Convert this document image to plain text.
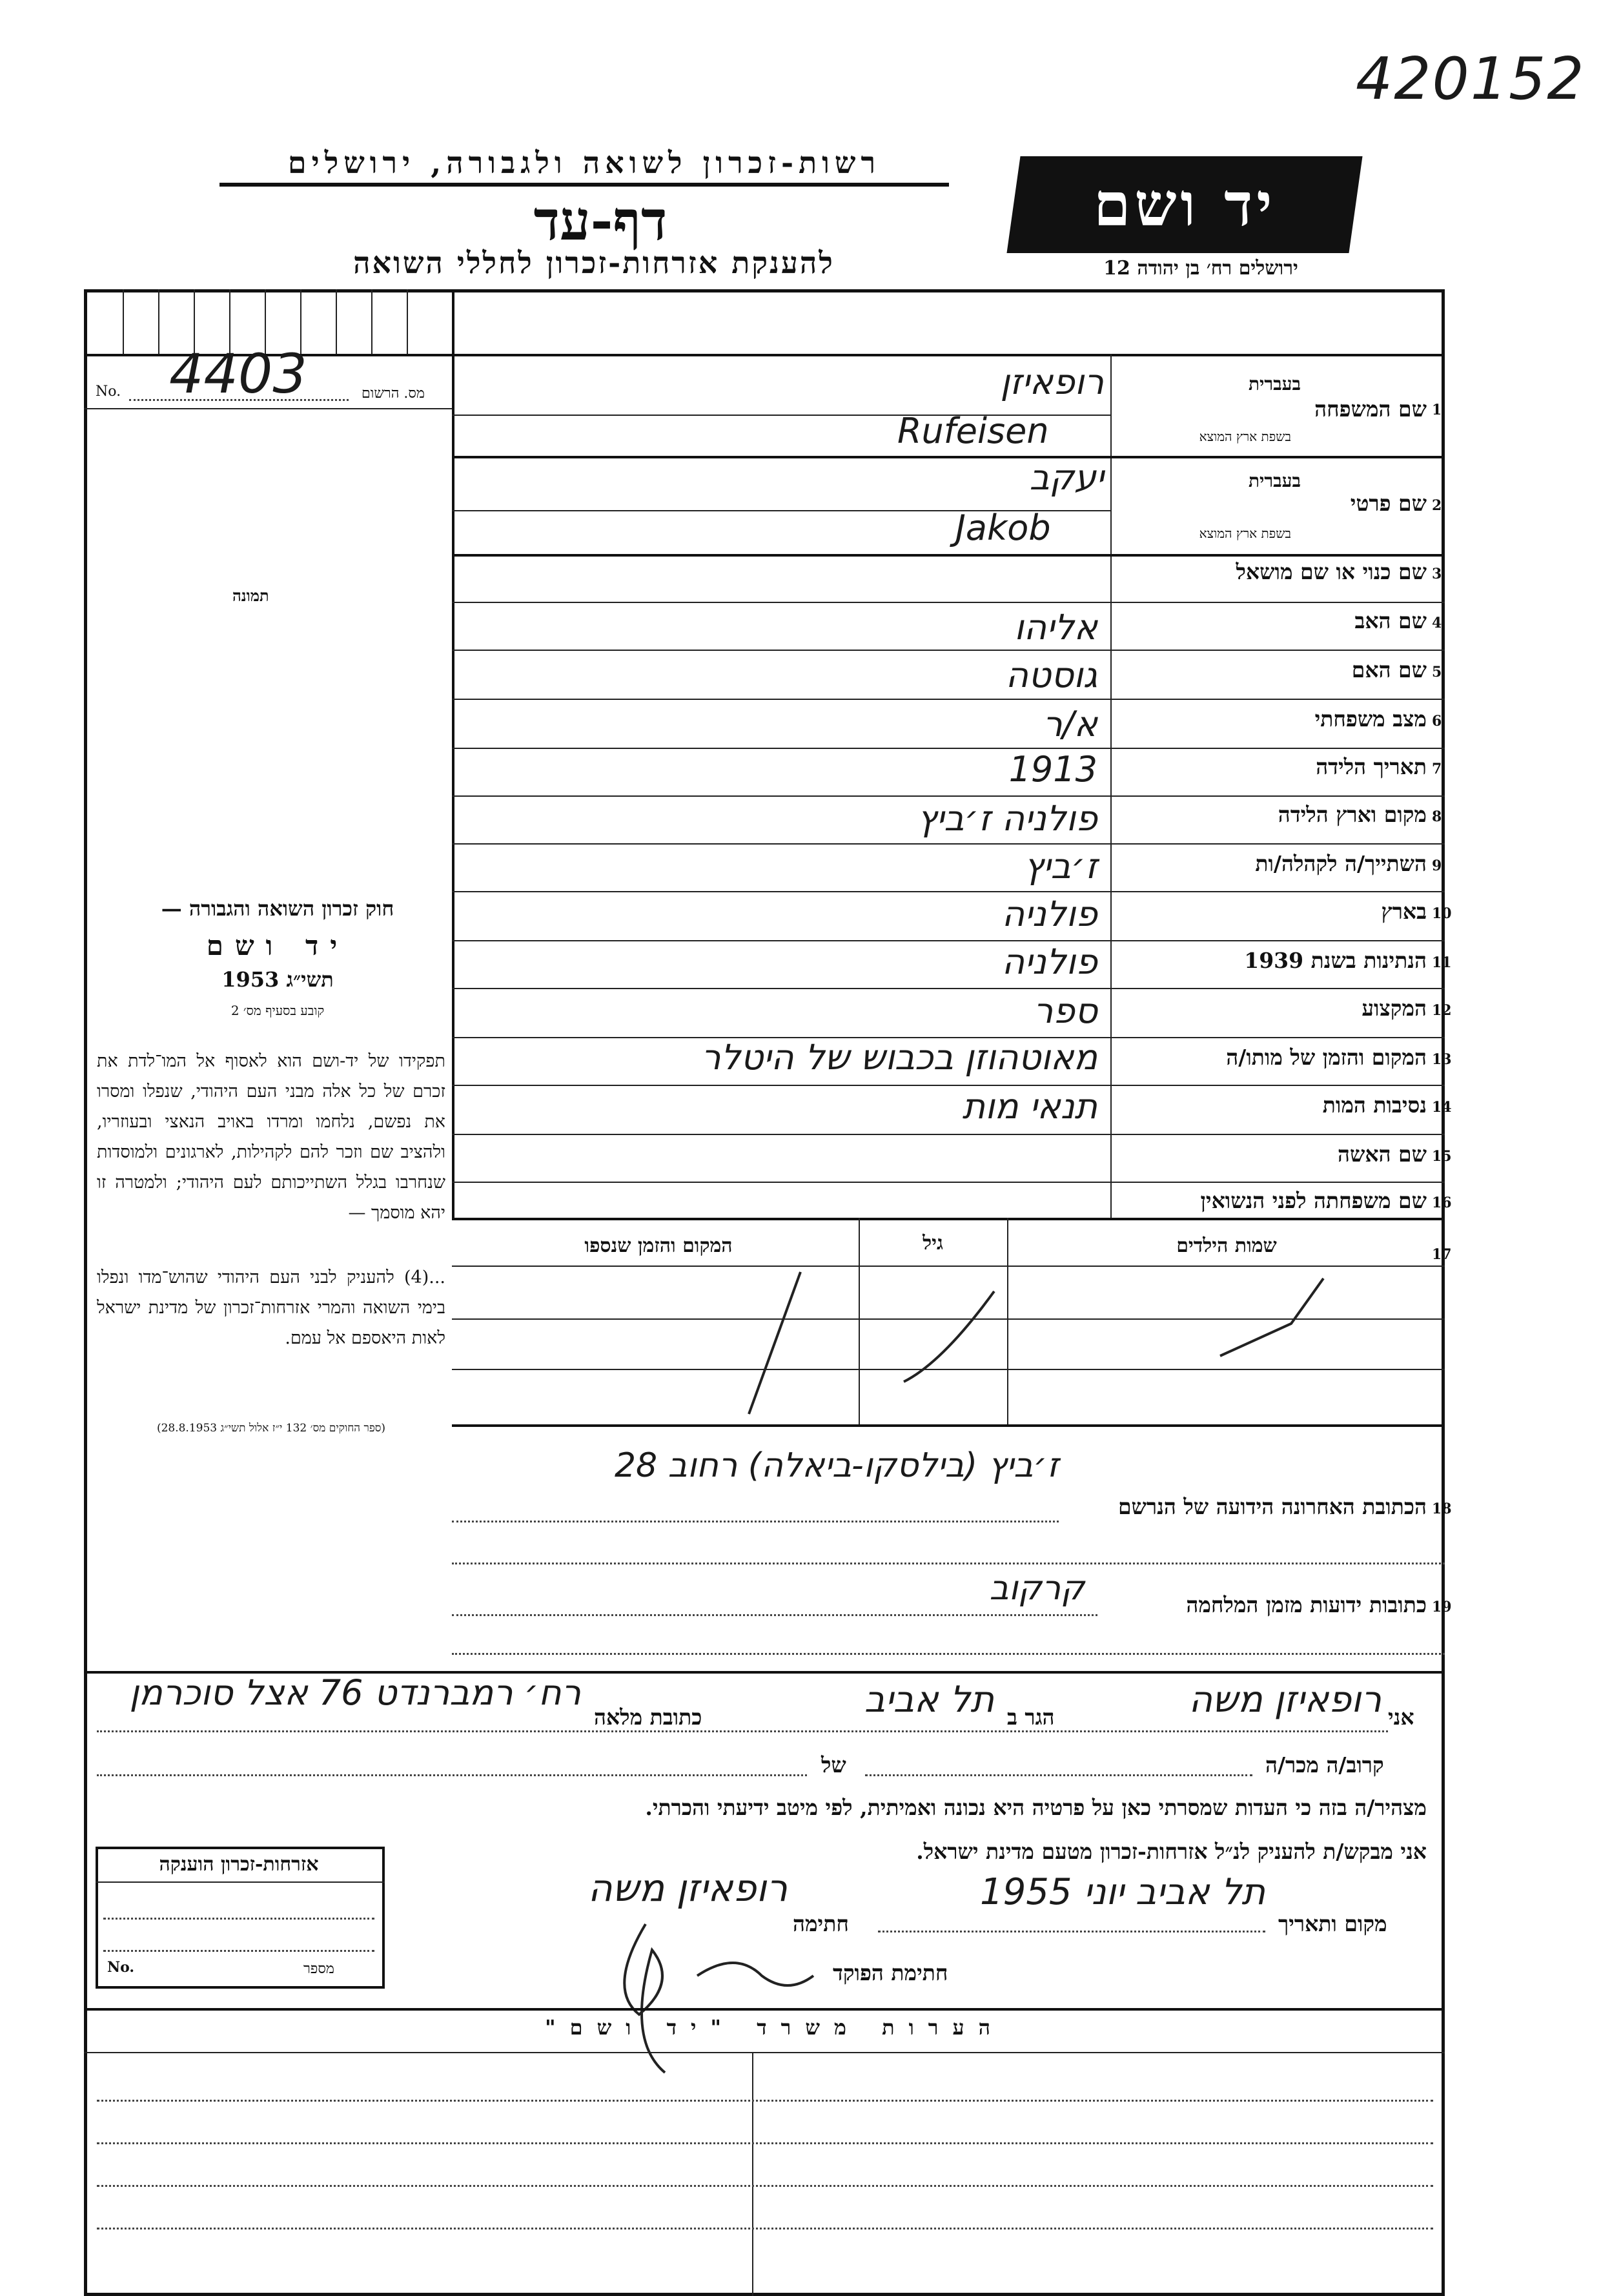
420152
רשות-זכרון לשואה ולגבורה, ירושלים
דף-עד
להענקת אזרחות-זכרון לחללי השואה
יד ושם
ירושלים רח׳ בן יהודה 12
No. 4403	מס. הרשום
תמונה
חוק זכרון השואה והגבורה —
יד ושם
תשי״ג 1953
קובע בסעיף מס׳ 2
תפקידו של יד-ושם הוא לאסוף אל המו־לדת את זכרם של כל אלה מבני העם היהודי, שנפלו ומסרו את נפשם, נלחמו ומרדו באויב הנאצי ובעוזריו, ולהציב שם וזכר להם לקהילות, לארגונים ולמוסדות שנחרבו בגלל השתייכותם לעם היהודי; ולמטרה זו יהא מוסמך —
...(4) להעניק לבני העם היהודי שהוש־מדו ונפלו בימי השואה והמרי אזרחות־זכרון של מדינת ישראל לאות היאספם אל עמם.
(ספר החוקים מס׳ 132 י״ז אלול תשי״ג 28.8.1953)
1
שם המשפחה
בעברית
בשפת ארץ המוצא
רופאיזן
Rufeisen
2
שם פרטי
בעברית
בשפת ארץ המוצא
יעקב
Jakob
3
שם כנוי או שם מושאל
4
שם האב
אליהו
5
שם האם
גוסטה
6
מצב משפחתי
א/ר
7
תאריך הלידה
1913
8
מקום וארץ הלידה
פולניה ז׳ביץ
9
השתייך/ה לקהלה/ות
ז׳ביץ
10
בארץ
פולניה
11
הנתינות בשנת 1939
פולניה
12
המקצוע
ספר
13
המקום והזמן של מותו/ה
מאוטהוזן בכבוש של היטלר
14
נסיבות המות
תנאי מות
15
שם האשה
16
שם משפחתה לפני הנשואין
17
שמות הילדים
גיל
המקום והזמן שנספו
18
הכתובת האחרונה הידועה של הנרשם
ז׳ביץ (בילסקו-ביאלה) רחוב 28
19
כתובות ידועות מזמן המלחמה
קרקוב
אני
רופאיזן משה
הגר ב
תל אביב
כתובת מלאה
רח׳ רמברנדט 76 אצל סוכרמן
קרוב/ה מכר/ה
של
מצהיר/ה בזה כי העדות שמסרתי כאן על פרטיה היא נכונה ואמיתית, לפי מיטב ידיעתי והכרתי.
אני מבקש/ת להעניק לנ״ל אזרחות-זכרון מטעם מדינת ישראל.
מקום ותאריך
תל אביב יוני 1955
חתימה
רופאיזן משה
חתימת הפוקד
אזרחות-זכרון הוענקה
No.	מספר
הערות משרד "יד ושם"
